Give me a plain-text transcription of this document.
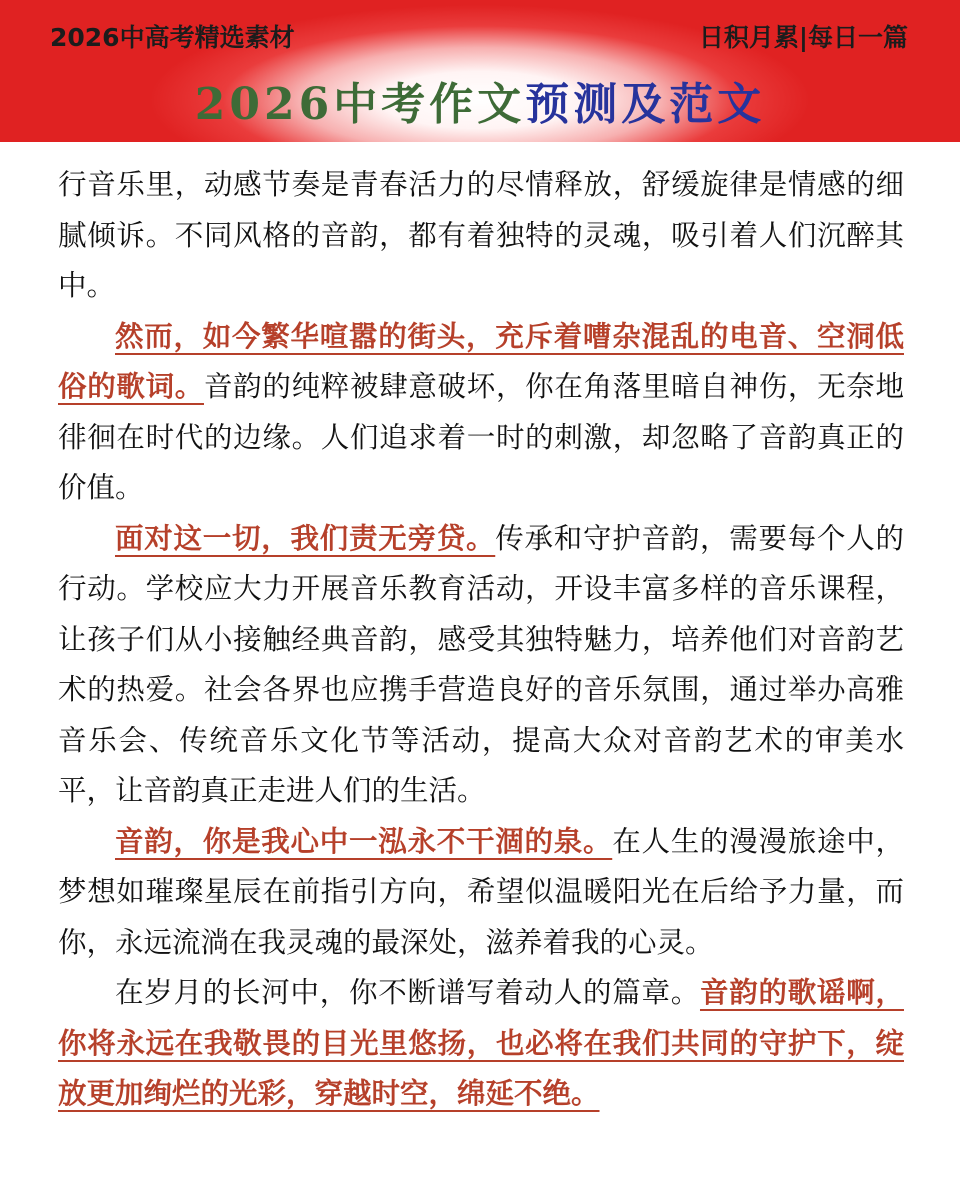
2026中高考精选素材	日积月累|每日一篇
2026中考作文预测及范文

行音乐里，动感节奏是青春活力的尽情释放，舒缓旋律是情感的细腻倾诉。不同风格的音韵，都有着独特的灵魂，吸引着人们沉醉其中。

然而，如今繁华喧嚣的街头，充斥着嘈杂混乱的电音、空洞低俗的歌词。音韵的纯粹被肆意破坏，你在角落里暗自神伤，无奈地徘徊在时代的边缘。人们追求着一时的刺激，却忽略了音韵真正的价值。

面对这一切，我们责无旁贷。传承和守护音韵，需要每个人的行动。学校应大力开展音乐教育活动，开设丰富多样的音乐课程，让孩子们从小接触经典音韵，感受其独特魅力，培养他们对音韵艺术的热爱。社会各界也应携手营造良好的音乐氛围，通过举办高雅音乐会、传统音乐文化节等活动，提高大众对音韵艺术的审美水平，让音韵真正走进人们的生活。

音韵，你是我心中一泓永不干涸的泉。在人生的漫漫旅途中，梦想如璀璨星辰在前指引方向，希望似温暖阳光在后给予力量，而你，永远流淌在我灵魂的最深处，滋养着我的心灵。

在岁月的长河中，你不断谱写着动人的篇章。音韵的歌谣啊，你将永远在我敬畏的目光里悠扬，也必将在我们共同的守护下，绽放更加绚烂的光彩，穿越时空，绵延不绝。
